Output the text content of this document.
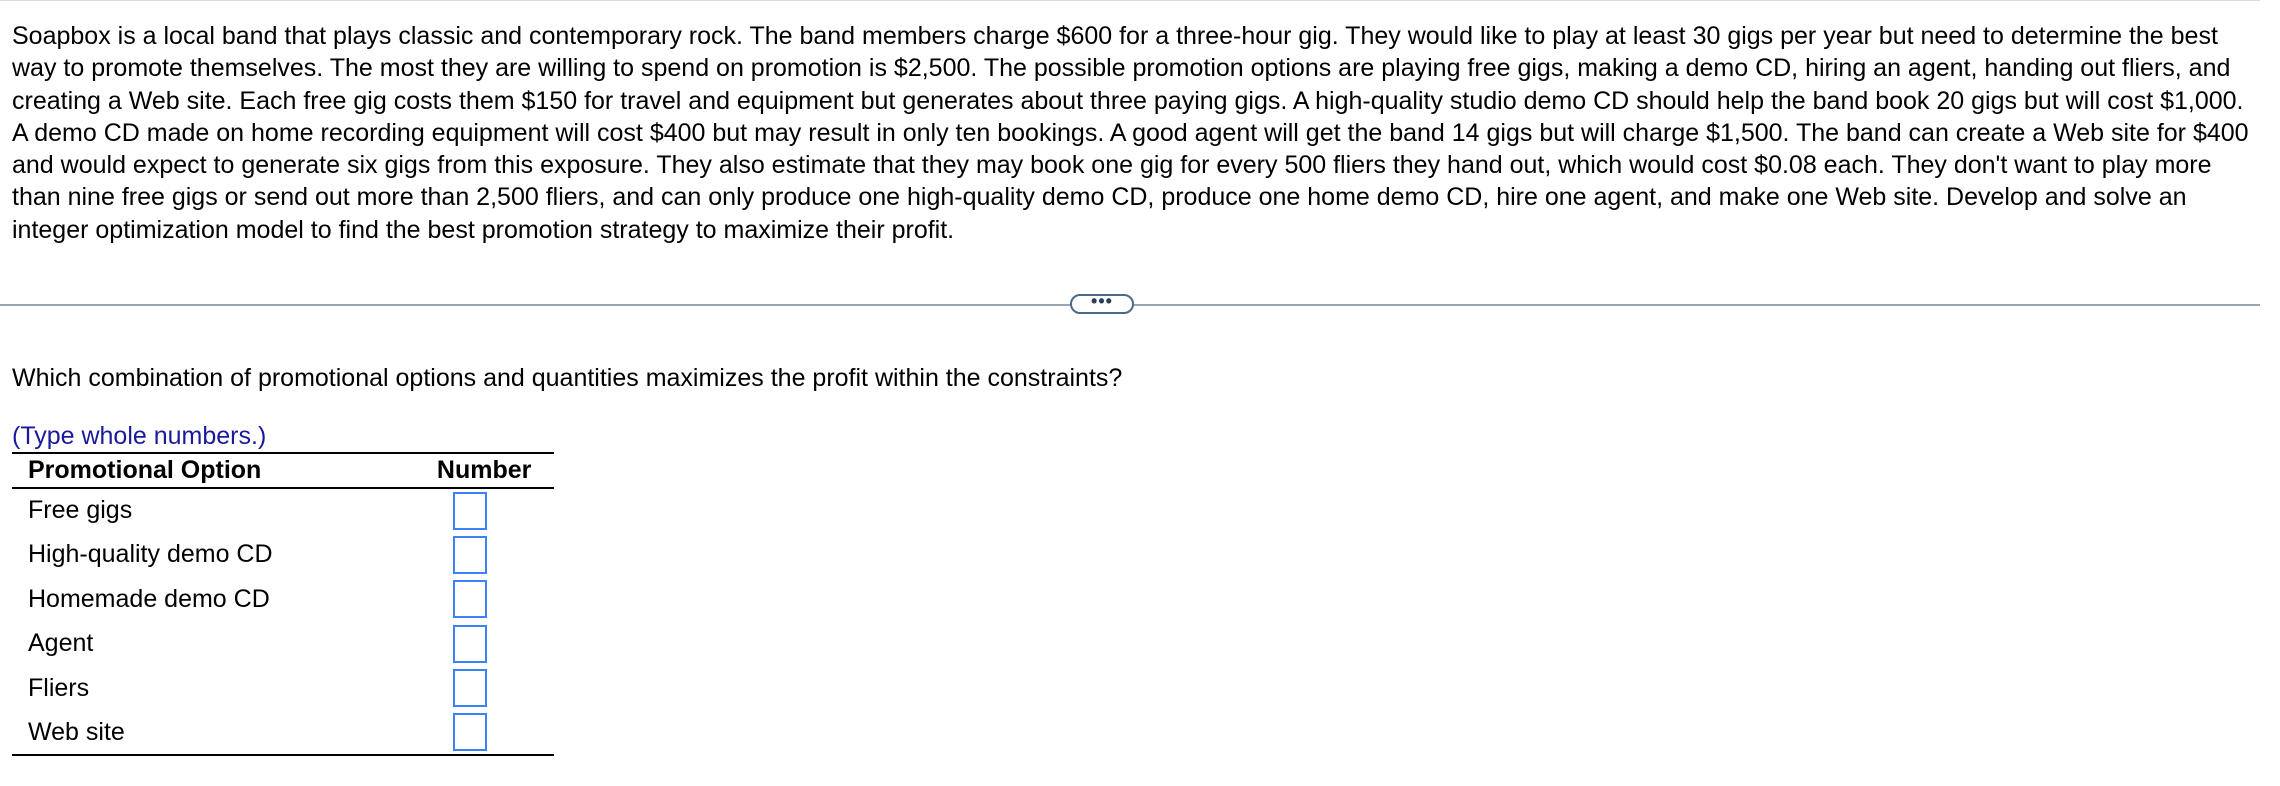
Soapbox is a local band that plays classic and contemporary rock. The band members charge $600 for a three-hour gig. They would like to play at least 30 gigs per year but need to determine the best way to promote themselves. The most they are willing to spend on promotion is $2,500. The possible promotion options are playing free gigs, making a demo CD, hiring an agent, handing out fliers, and creating a Web site. Each free gig costs them $150 for travel and equipment but generates about three paying gigs. A high-quality studio demo CD should help the band book 20 gigs but will cost $1,000. A demo CD made on home recording equipment will cost $400 but may result in only ten bookings. A good agent will get the band 14 gigs but will charge $1,500. The band can create a Web site for $400 and would expect to generate six gigs from this exposure. They also estimate that they may book one gig for every 500 fliers they hand out, which would cost $0.08 each. They don't want to play more than nine free gigs or send out more than 2,500 fliers, and can only produce one high-quality demo CD, produce one home demo CD, hire one agent, and make one Web site. Develop and solve an integer optimization model to find the best promotion strategy to maximize their profit.

•••

Which combination of promotional options and quantities maximizes the profit within the constraints?

(Type whole numbers.)

Promotional Option	Number
Free gigs	
High-quality demo CD	
Homemade demo CD	
Agent	
Fliers	
Web site	
